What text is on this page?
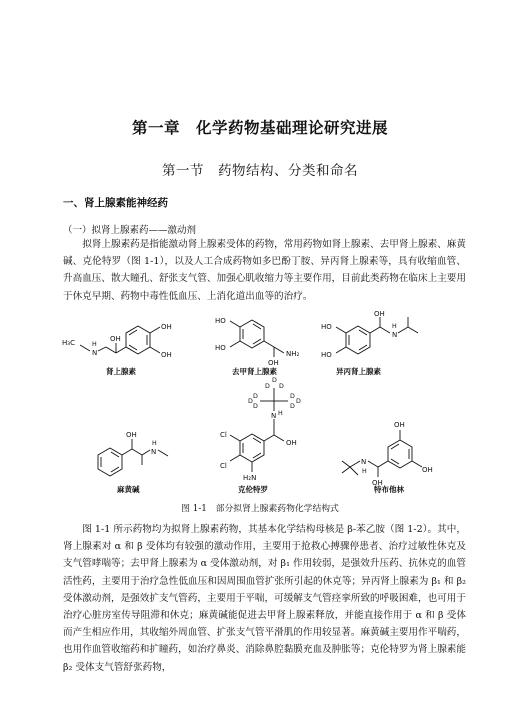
第一章　化学药物基础理论研究进展
第一节　药物结构、分类和命名
一、肾上腺素能神经药
（一）拟肾上腺素药——激动剂

拟肾上腺素药是指能激动肾上腺素受体的药物，常用药物如肾上腺素、去甲肾上腺素、麻黄碱、克伦特罗（图 1-1），以及人工合成药物如多巴酚丁胺、异丙肾上腺素等，具有收缩血管、升高血压、散大瞳孔、舒张支气管、加强心肌收缩力等主要作用，目前此类药物在临床上主要用于休克早期、药物中毒性低血压、上消化道出血等的治疗。

OH
OH
OH
H
N
H₃C
肾上腺素
HO
HO
OH
NH₂
去甲肾上腺素
HO
HO
OH
H
N
异丙肾上腺素
OH
H
N
麻黄碱
Cl
Cl
H₂N
OH
H
N
D
D
D
D
D
D
D D
D
克伦特罗
OH
OH
OH
N
H
特布他林
图 1-1　部分拟肾上腺素药物化学结构式

图 1-1 所示药物均为拟肾上腺素药物，其基本化学结构母核是 β-苯乙胺（图 1-2）。其中，肾上腺素对 α 和 β 受体均有较强的激动作用，主要用于抢救心搏骤停患者、治疗过敏性休克及支气管哮喘等；去甲肾上腺素为 α 受体激动剂，对 β₁ 作用较弱，是强效升压药、抗休克的血管活性药，主要用于治疗急性低血压和因周围血管扩张所引起的休克等；异丙肾上腺素为 β₁ 和 β₂ 受体激动剂，是强效扩支气管药，主要用于平喘，可缓解支气管痉挛所致的呼吸困难，也可用于治疗心脏房室传导阻滞和休克；麻黄碱能促进去甲肾上腺素释放，并能直接作用于 α 和 β 受体而产生相应作用，其收缩外周血管、扩张支气管平滑肌的作用较显著。麻黄碱主要用作平喘药，也用作血管收缩药和扩瞳药，如治疗鼻炎、消除鼻腔黏膜充血及肿胀等；克伦特罗为肾上腺素能 β₂ 受体支气管舒张药物，
